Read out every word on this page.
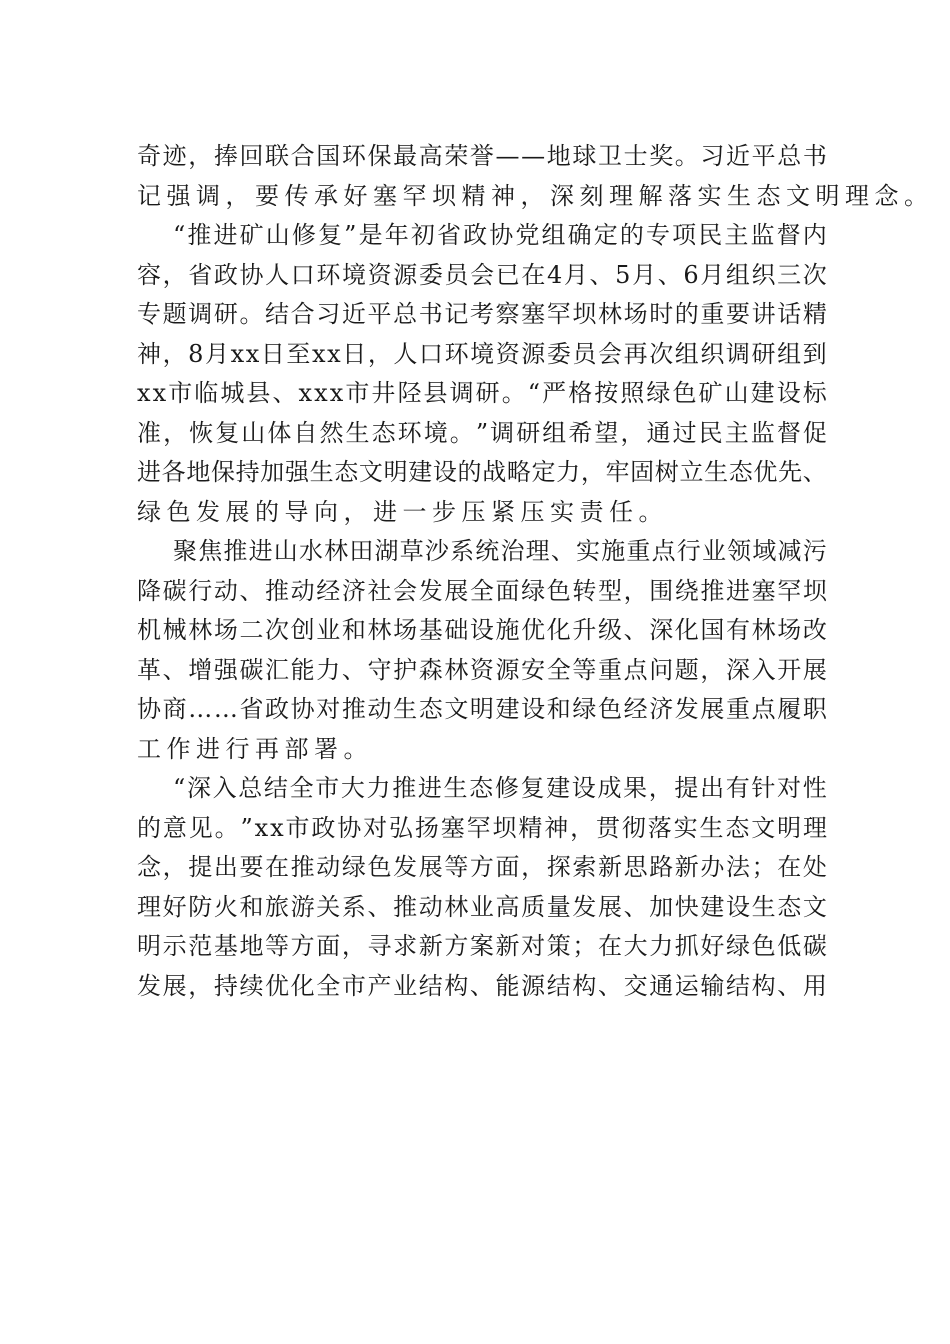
奇 迹 ， 捧 回 联 合 国 环 保 最 高 荣 誉 — — 地 球 卫 士 奖 。 习 近 平 总 书
记强调，要传承好塞罕坝精神，深刻理解落实生态文明理念。
“ 推 进 矿 山 修 复 ” 是 年 初 省 政 协 党 组 确 定 的 专 项 民 主 监 督 内
容 ， 省 政 协 人 口 环 境 资 源 委 员 会 已 在 4 月 、 5 月 、 6 月 组 织 三 次
专 题 调 研 。 结 合 习 近 平 总 书 记 考 察 塞 罕 坝 林 场 时 的 重 要 讲 话 精
神 ， 8 月 x x 日 至 x x 日 ， 人 口 环 境 资 源 委 员 会 再 次 组 织 调 研 组 到
x x 市 临 城 县 、 x x x 市 井 陉 县 调 研 。 “ 严 格 按 照 绿 色 矿 山 建 设 标
准 ， 恢 复 山 体 自 然 生 态 环 境 。 ” 调 研 组 希 望 ， 通 过 民 主 监 督 促
进 各 地 保 持 加 强 生 态 文 明 建 设 的 战 略 定 力 ， 牢 固 树 立 生 态 优 先 、
绿色发展的导向，进一步压紧压实责任。
聚 焦 推 进 山 水 林 田 湖 草 沙 系 统 治 理 、 实 施 重 点 行 业 领 域 减 污
降 碳 行 动 、 推 动 经 济 社 会 发 展 全 面 绿 色 转 型 ， 围 绕 推 进 塞 罕 坝
机 械 林 场 二 次 创 业 和 林 场 基 础 设 施 优 化 升 级 、 深 化 国 有 林 场 改
革 、 增 强 碳 汇 能 力 、 守 护 森 林 资 源 安 全 等 重 点 问 题 ， 深 入 开 展
协 商 … … 省 政 协 对 推 动 生 态 文 明 建 设 和 绿 色 经 济 发 展 重 点 履 职
工作进行再部署。
“ 深 入 总 结 全 市 大 力 推 进 生 态 修 复 建 设 成 果 ， 提 出 有 针 对 性
的 意 见 。 ” x x 市 政 协 对 弘 扬 塞 罕 坝 精 神 ， 贯 彻 落 实 生 态 文 明 理
念 ， 提 出 要 在 推 动 绿 色 发 展 等 方 面 ， 探 索 新 思 路 新 办 法 ； 在 处
理 好 防 火 和 旅 游 关 系 、 推 动 林 业 高 质 量 发 展 、 加 快 建 设 生 态 文
明 示 范 基 地 等 方 面 ， 寻 求 新 方 案 新 对 策 ； 在 大 力 抓 好 绿 色 低 碳
发 展 ， 持 续 优 化 全 市 产 业 结 构 、 能 源 结 构 、 交 通 运 输 结 构 、 用
